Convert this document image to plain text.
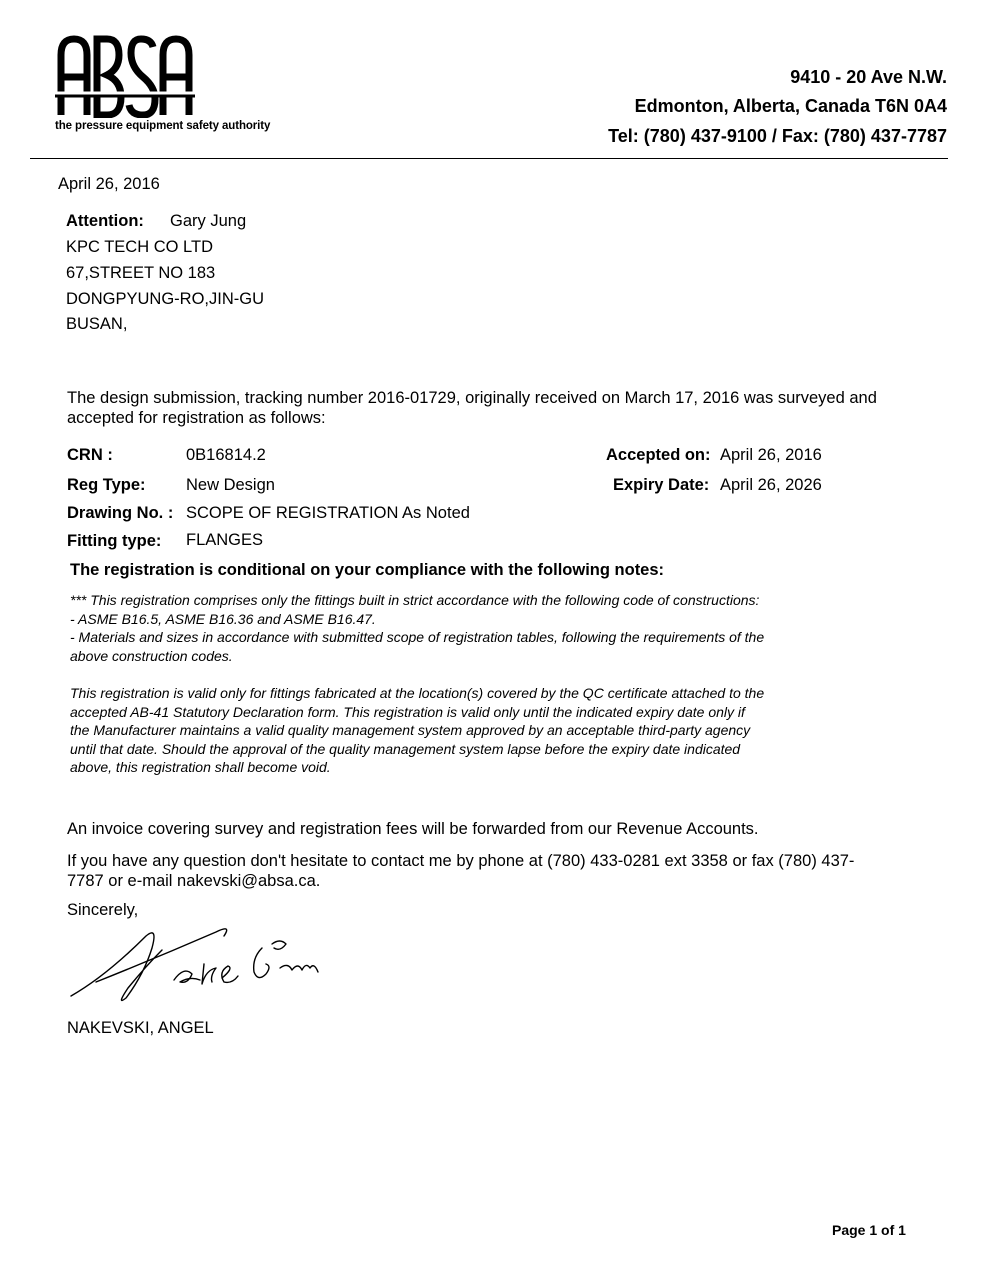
the pressure equipment safety authority
9410 - 20 Ave N.W.
Edmonton, Alberta, Canada T6N 0A4
Tel: (780) 437-9100 / Fax: (780) 437-7787
April 26, 2016
Attention: Gary Jung
KPC TECH CO LTD
67,STREET NO 183
DONGPYUNG-RO,JIN-GU
BUSAN,
The design submission, tracking number 2016-01729, originally received on March 17, 2016 was surveyed and accepted for registration as follows:
CRN :	0B16814.2
Reg Type: New Design
Drawing No. : SCOPE OF REGISTRATION As Noted
Fitting type: FLANGES
Accepted on: April 26, 2016
Expiry Date: April 26, 2026
The registration is conditional on your compliance with the following notes:
*** This registration comprises only the fittings built in strict accordance with the following code of constructions:
- ASME B16.5, ASME B16.36 and ASME B16.47.
- Materials and sizes in accordance with submitted scope of registration tables, following the requirements of the
above construction codes.
This registration is valid only for fittings fabricated at the location(s) covered by the QC certificate attached to the
accepted AB-41 Statutory Declaration form. This registration is valid only until the indicated expiry date only if
the Manufacturer maintains a valid quality management system approved by an acceptable third-party agency
until that date. Should the approval of the quality management system lapse before the expiry date indicated
above, this registration shall become void.
An invoice covering survey and registration fees will be forwarded from our Revenue Accounts.
If you have any question don't hesitate to contact me by phone at (780) 433-0281 ext 3358 or fax (780) 437-7787 or e-mail nakevski@absa.ca.
Sincerely,
NAKEVSKI, ANGEL
Page 1 of 1
